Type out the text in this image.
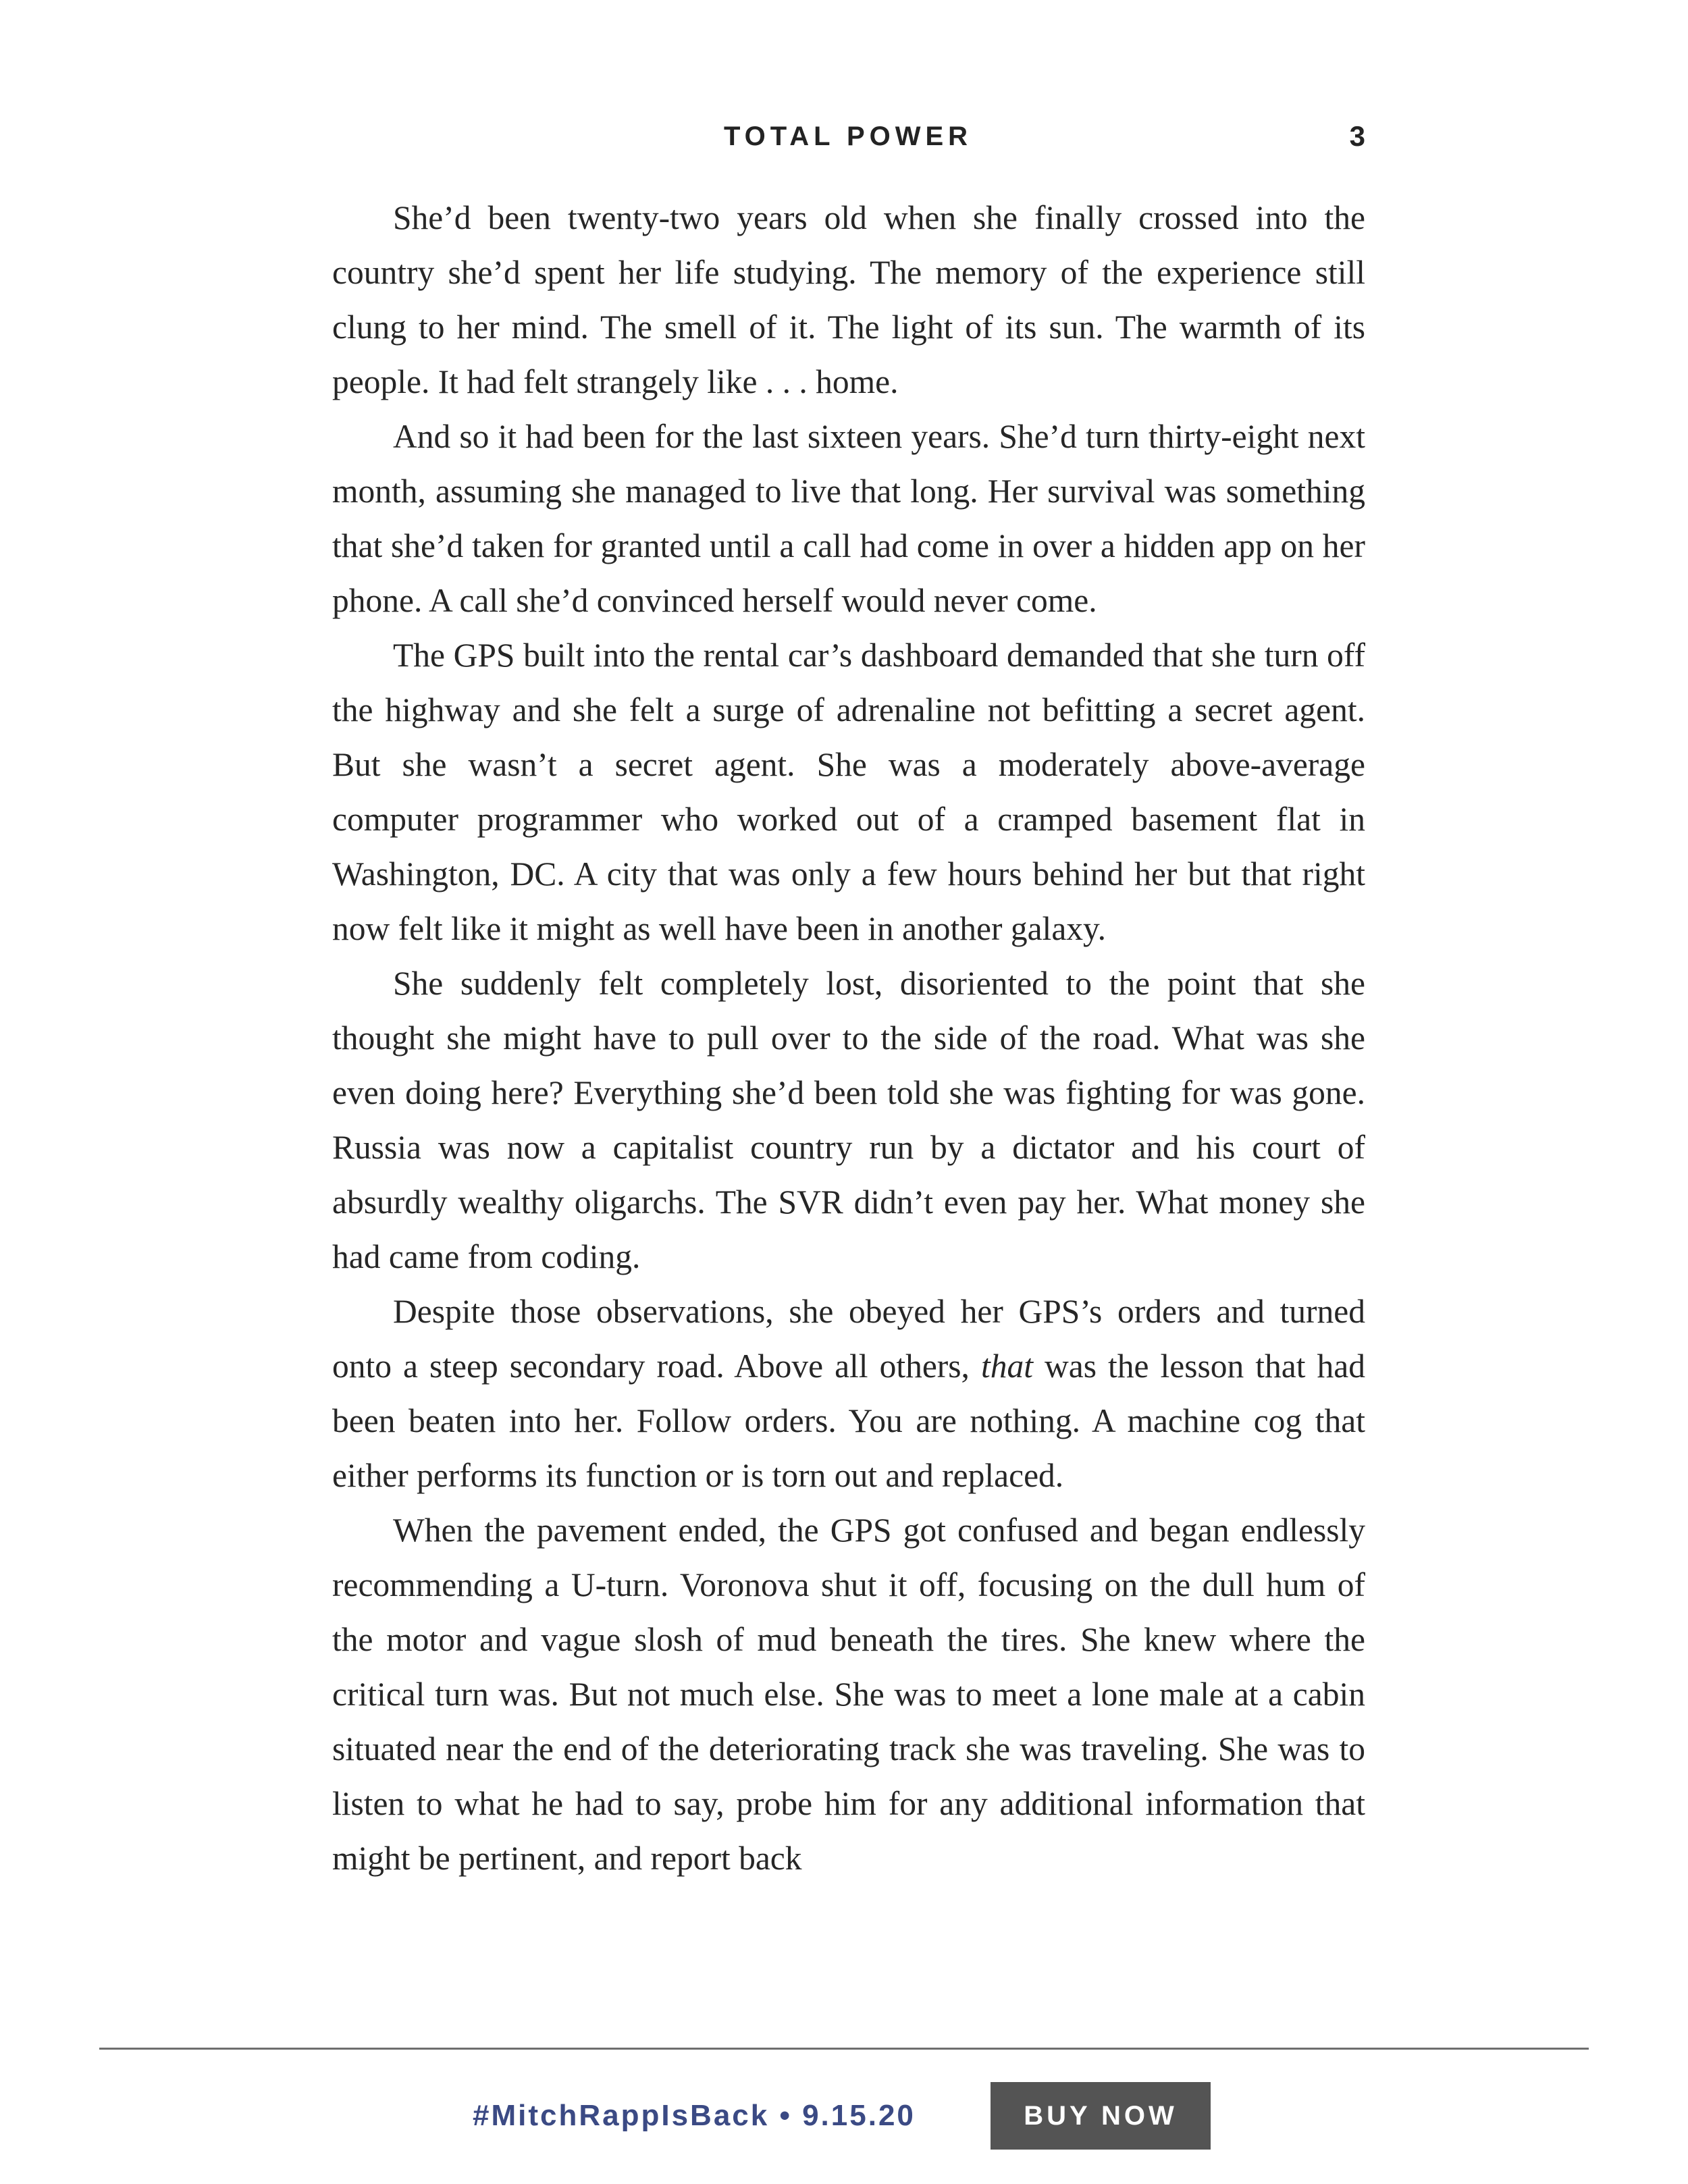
TOTAL POWER	3

She’d been twenty-two years old when she finally crossed into the country she’d spent her life studying. The memory of the experience still clung to her mind. The smell of it. The light of its sun. The warmth of its people. It had felt strangely like . . . home.

And so it had been for the last sixteen years. She’d turn thirty-eight next month, assuming she managed to live that long. Her survival was something that she’d taken for granted until a call had come in over a hidden app on her phone. A call she’d convinced herself would never come.

The GPS built into the rental car’s dashboard demanded that she turn off the highway and she felt a surge of adrenaline not befitting a secret agent. But she wasn’t a secret agent. She was a moderately above-average computer programmer who worked out of a cramped basement flat in Washington, DC. A city that was only a few hours behind her but that right now felt like it might as well have been in another galaxy.

She suddenly felt completely lost, disoriented to the point that she thought she might have to pull over to the side of the road. What was she even doing here? Everything she’d been told she was fighting for was gone. Russia was now a capitalist country run by a dictator and his court of absurdly wealthy oligarchs. The SVR didn’t even pay her. What money she had came from coding.

Despite those observations, she obeyed her GPS’s orders and turned onto a steep secondary road. Above all others, that was the lesson that had been beaten into her. Follow orders. You are nothing. A machine cog that either performs its function or is torn out and replaced.

When the pavement ended, the GPS got confused and began endlessly recommending a U-turn. Voronova shut it off, focusing on the dull hum of the motor and vague slosh of mud beneath the tires. She knew where the critical turn was. But not much else. She was to meet a lone male at a cabin situated near the end of the deteriorating track she was traveling. She was to listen to what he had to say, probe him for any additional information that might be pertinent, and report back

#MitchRappIsBack • 9.15.20	BUY NOW
